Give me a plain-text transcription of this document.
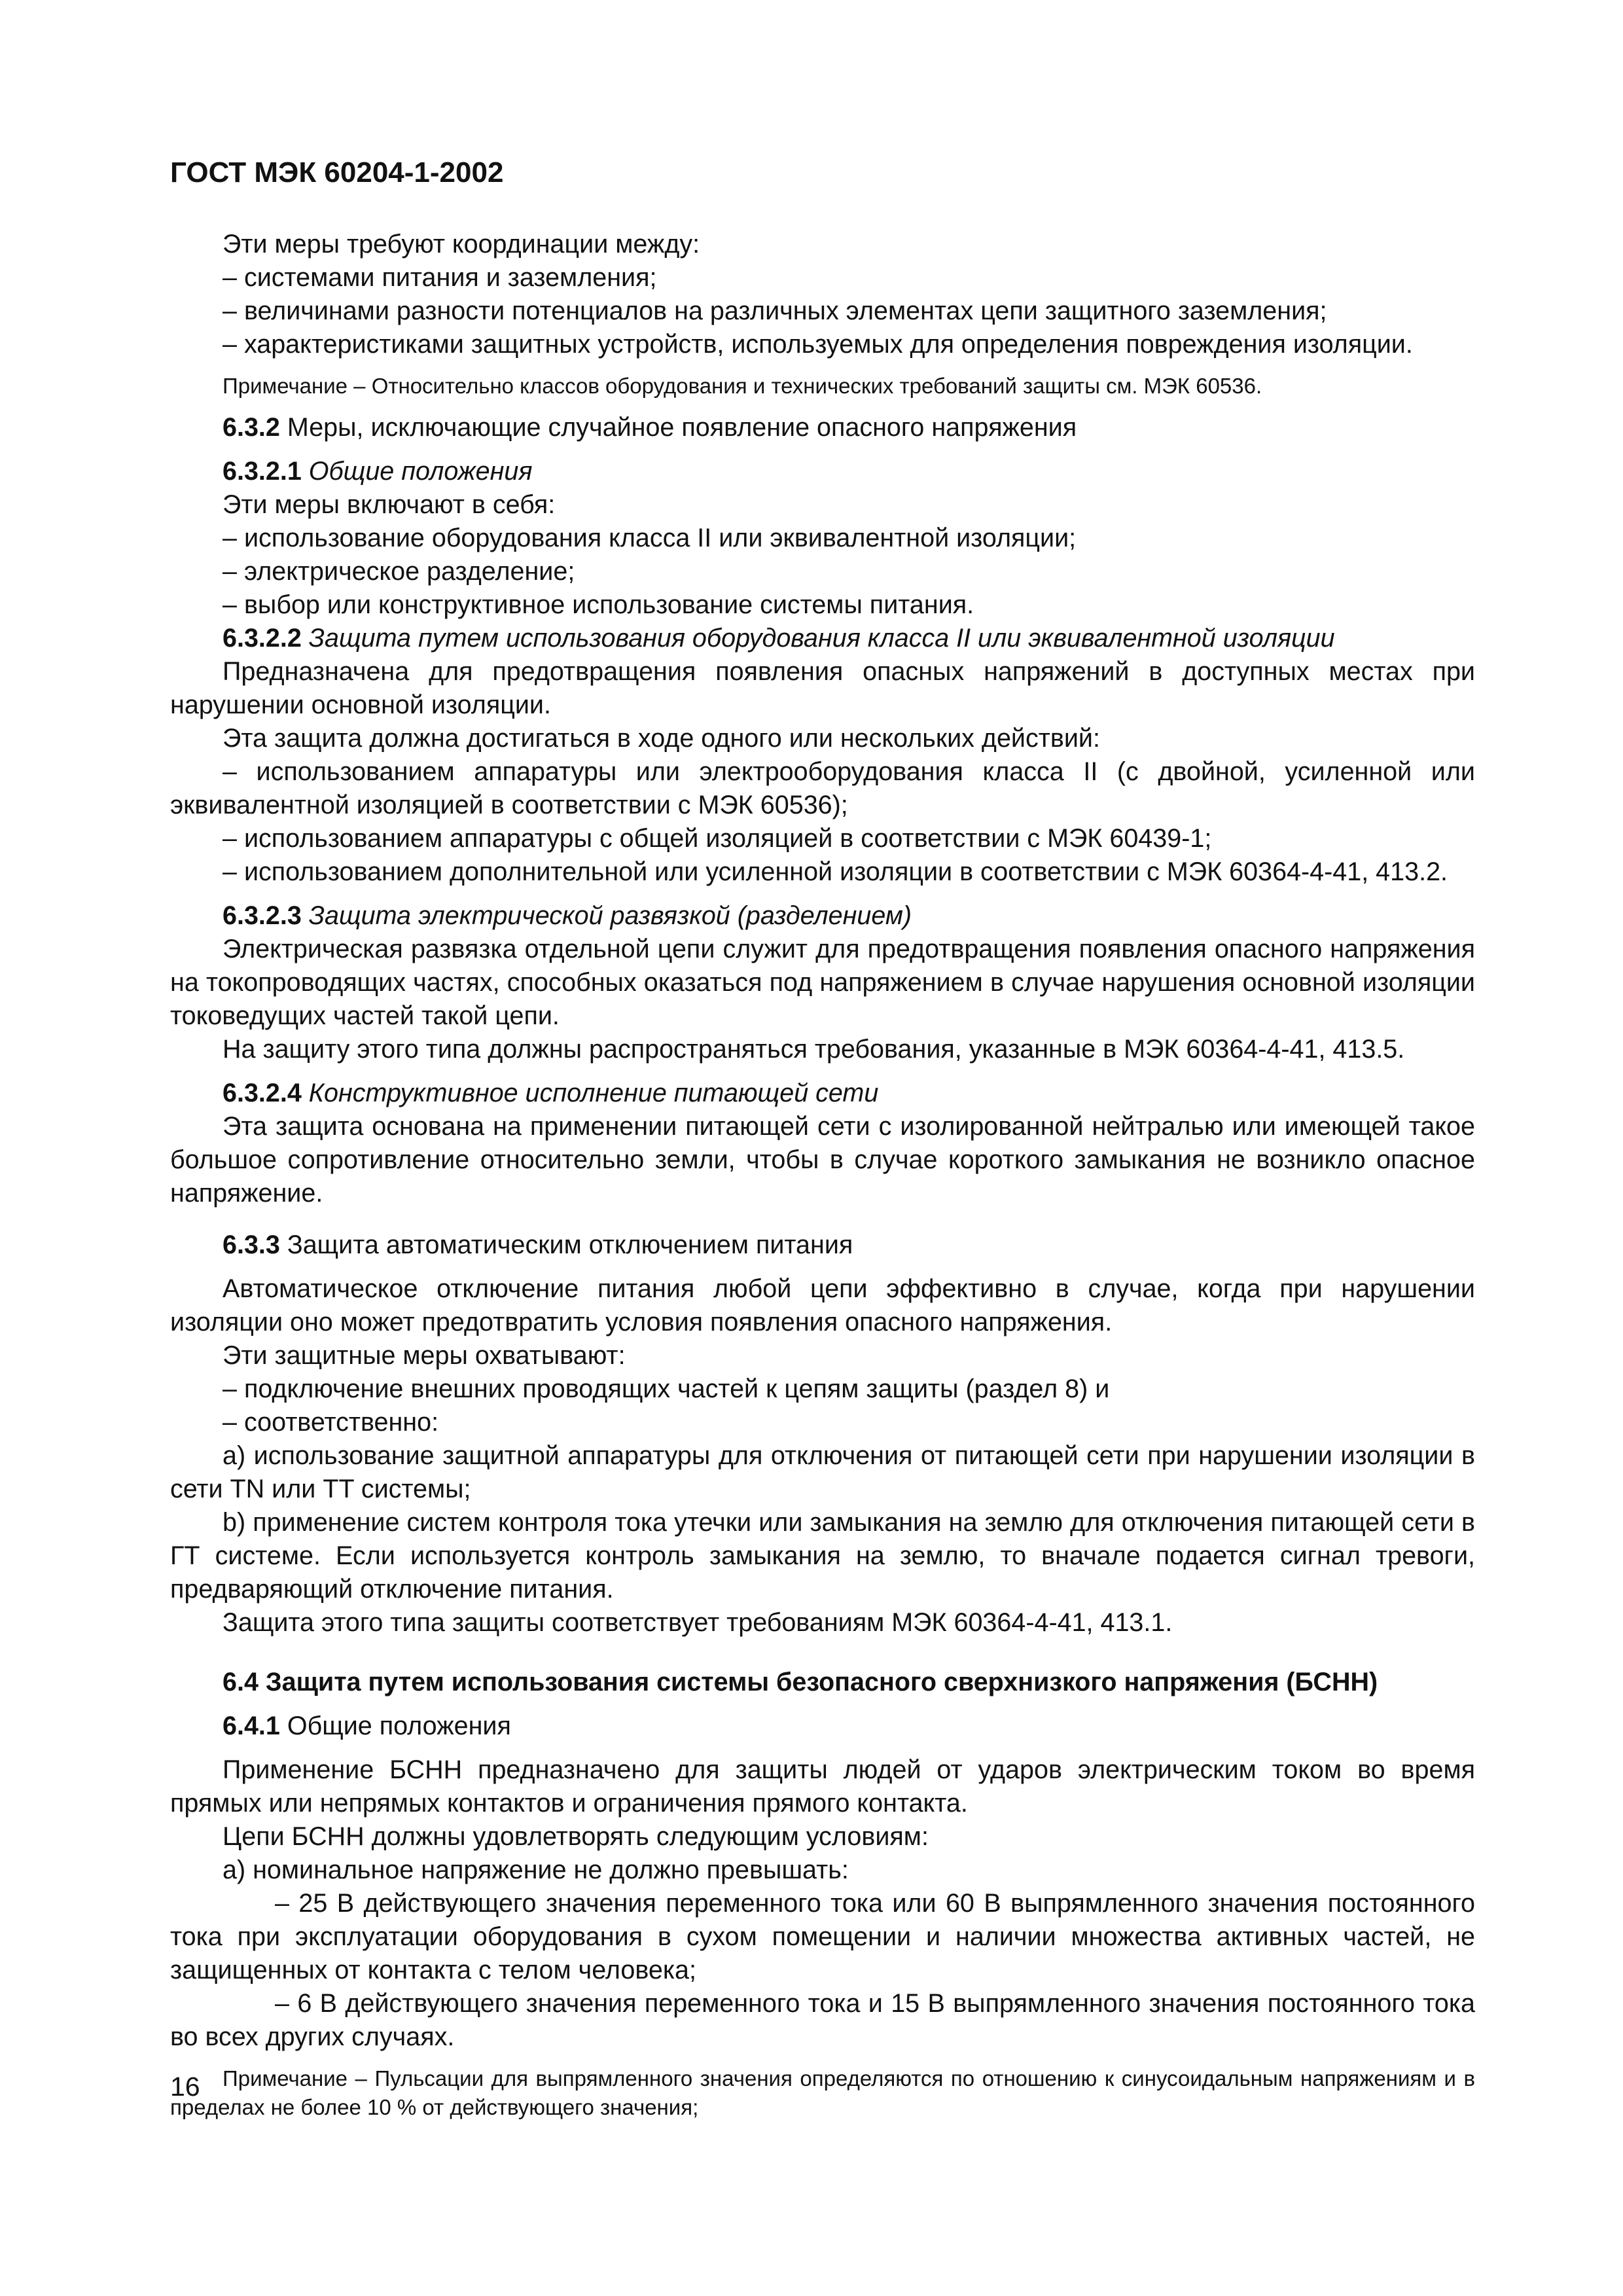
ГОСТ МЭК 60204-1-2002

Эти меры требуют координации между:

– системами питания и заземления;

– величинами разности потенциалов на различных элементах цепи защитного заземления;

– характеристиками защитных устройств, используемых для определения повреждения изоляции.

Примечание – Относительно классов оборудования и технических требований защиты см. МЭК 60536.

6.3.2 Меры, исключающие случайное появление опасного напряжения

6.3.2.1 Общие положения

Эти меры включают в себя:

– использование оборудования класса II или эквивалентной изоляции;

– электрическое разделение;

– выбор или конструктивное использование системы питания.

6.3.2.2 Защита путем использования оборудования класса II или эквивалентной изоляции

Предназначена для предотвращения появления опасных напряжений в доступных местах при нарушении основной изоляции.

Эта защита должна достигаться в ходе одного или нескольких действий:

– использованием аппаратуры или электрооборудования класса II (с двойной, усиленной или эквивалентной изоляцией в соответствии с МЭК 60536);

– использованием аппаратуры с общей изоляцией в соответствии с МЭК 60439-1;

– использованием дополнительной или усиленной изоляции в соответствии с МЭК 60364-4-41, 413.2.

6.3.2.3 Защита электрической развязкой (разделением)

Электрическая развязка отдельной цепи служит для предотвращения появления опасного напряжения на токопроводящих частях, способных оказаться под напряжением в случае нарушения основной изоляции токоведущих частей такой цепи.

На защиту этого типа должны распространяться требования, указанные в МЭК 60364-4-41, 413.5.

6.3.2.4 Конструктивное исполнение питающей сети

Эта защита основана на применении питающей сети с изолированной нейтралью или имеющей такое большое сопротивление относительно земли, чтобы в случае короткого замыкания не возникло опасное напряжение.

6.3.3 Защита автоматическим отключением питания

Автоматическое отключение питания любой цепи эффективно в случае, когда при нарушении изоляции оно может предотвратить условия появления опасного напряжения.

Эти защитные меры охватывают:

– подключение внешних проводящих частей к цепям защиты (раздел 8) и

– соответственно:

а) использование защитной аппаратуры для отключения от питающей сети при нарушении изоляции в сети TN или TT системы;

b) применение систем контроля тока утечки или замыкания на землю для отключения питающей сети в ГТ системе. Если используется контроль замыкания на землю, то вначале подается сигнал тревоги, предваряющий отключение питания.

Защита этого типа защиты соответствует требованиям МЭК 60364-4-41, 413.1.

6.4 Защита путем использования системы безопасного сверхнизкого напряжения (БСНН)

6.4.1 Общие положения

Применение БСНН предназначено для защиты людей от ударов электрическим током во время прямых или непрямых контактов и ограничения прямого контакта.

Цепи БСНН должны удовлетворять следующим условиям:

а) номинальное напряжение не должно превышать:

– 25 В действующего значения переменного тока или 60 В выпрямленного значения постоянного тока при эксплуатации оборудования в сухом помещении и наличии множества активных частей, не защищенных от контакта с телом человека;

– 6 В действующего значения переменного тока и 15 В выпрямленного значения постоянного тока во всех других случаях.

Примечание – Пульсации для выпрямленного значения определяются по отношению к синусоидальным напряжениям и в пределах не более 10 % от действующего значения;

16
